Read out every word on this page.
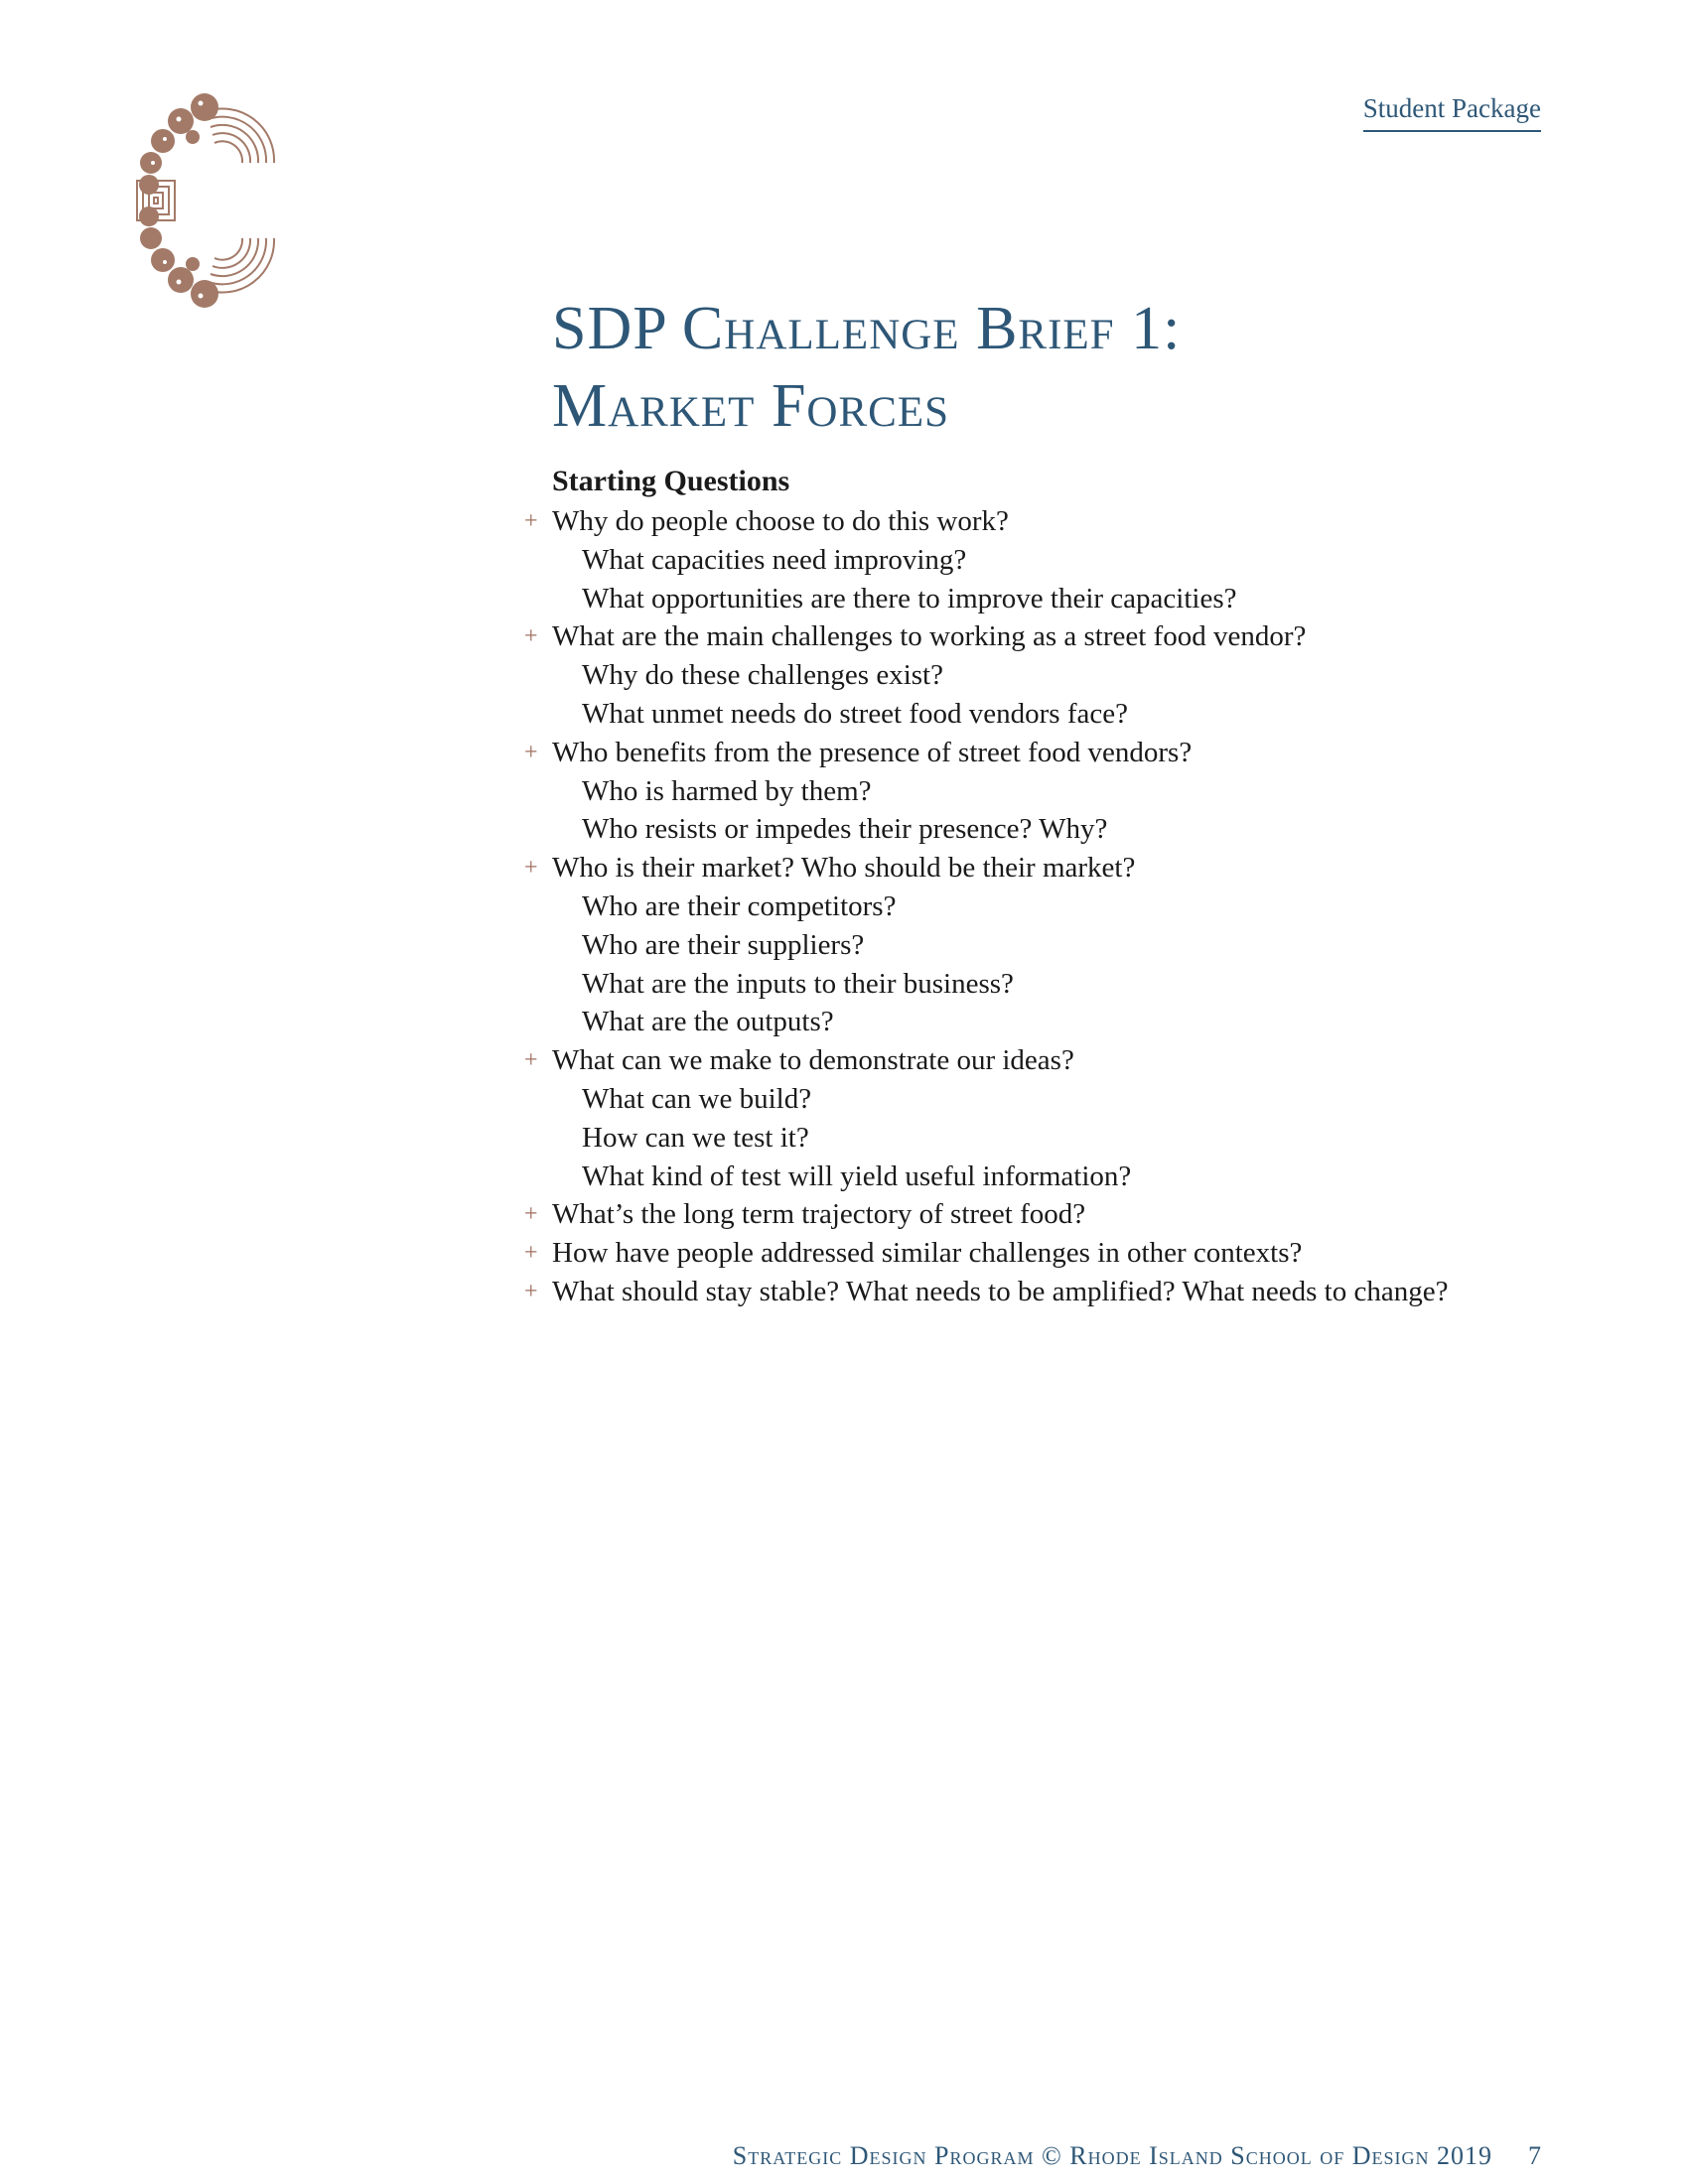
Student Package
SDP Challenge Brief 1:
Market Forces
Starting Questions
+ Why do people choose to do this work?
What capacities need improving?
What opportunities are there to improve their capacities?
+ What are the main challenges to working as a street food vendor?
Why do these challenges exist?
What unmet needs do street food vendors face?
+ Who benefits from the presence of street food vendors?
Who is harmed by them?
Who resists or impedes their presence? Why?
+ Who is their market? Who should be their market?
Who are their competitors?
Who are their suppliers?
What are the inputs to their business?
What are the outputs?
+ What can we make to demonstrate our ideas?
What can we build?
How can we test it?
What kind of test will yield useful information?
+ What’s the long term trajectory of street food?
+ How have people addressed similar challenges in other contexts?
+ What should stay stable? What needs to be amplified? What needs to change?
Strategic Design Program © Rhode Island School of Design 2019 7
